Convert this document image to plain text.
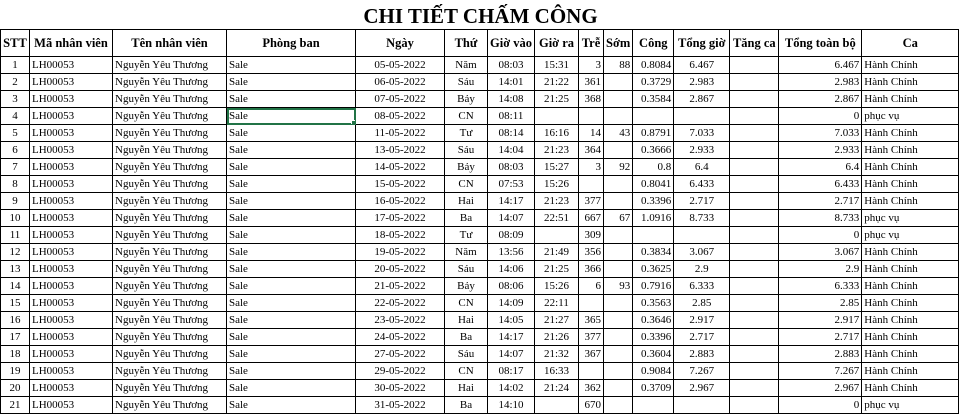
CHI TIẾT CHẤM CÔNG
STT	Mã nhân viên	Tên nhân viên	Phòng ban	Ngày	Thứ	Giờ vào	Giờ ra	Trễ	Sớm	Công	Tổng giờ	Tăng ca	Tổng toàn bộ	Ca
1	LH00053	Nguyễn Yêu Thương	Sale	05-05-2022	Năm	08:03	15:31	3	88	0.8084	6.467		6.467	Hành Chính
2	LH00053	Nguyễn Yêu Thương	Sale	06-05-2022	Sáu	14:01	21:22	361		0.3729	2.983		2.983	Hành Chính
3	LH00053	Nguyễn Yêu Thương	Sale	07-05-2022	Bảy	14:08	21:25	368		0.3584	2.867		2.867	Hành Chính
4	LH00053	Nguyễn Yêu Thương	Sale	08-05-2022	CN	08:11							0	phục vụ
5	LH00053	Nguyễn Yêu Thương	Sale	11-05-2022	Tư	08:14	16:16	14	43	0.8791	7.033		7.033	Hành Chính
6	LH00053	Nguyễn Yêu Thương	Sale	13-05-2022	Sáu	14:04	21:23	364		0.3666	2.933		2.933	Hành Chính
7	LH00053	Nguyễn Yêu Thương	Sale	14-05-2022	Bảy	08:03	15:27	3	92	0.8	6.4		6.4	Hành Chính
8	LH00053	Nguyễn Yêu Thương	Sale	15-05-2022	CN	07:53	15:26			0.8041	6.433		6.433	Hành Chính
9	LH00053	Nguyễn Yêu Thương	Sale	16-05-2022	Hai	14:17	21:23	377		0.3396	2.717		2.717	Hành Chính
10	LH00053	Nguyễn Yêu Thương	Sale	17-05-2022	Ba	14:07	22:51	667	67	1.0916	8.733		8.733	phục vụ
11	LH00053	Nguyễn Yêu Thương	Sale	18-05-2022	Tư	08:09		309					0	phục vụ
12	LH00053	Nguyễn Yêu Thương	Sale	19-05-2022	Năm	13:56	21:49	356		0.3834	3.067		3.067	Hành Chính
13	LH00053	Nguyễn Yêu Thương	Sale	20-05-2022	Sáu	14:06	21:25	366		0.3625	2.9		2.9	Hành Chính
14	LH00053	Nguyễn Yêu Thương	Sale	21-05-2022	Bảy	08:06	15:26	6	93	0.7916	6.333		6.333	Hành Chính
15	LH00053	Nguyễn Yêu Thương	Sale	22-05-2022	CN	14:09	22:11			0.3563	2.85		2.85	Hành Chính
16	LH00053	Nguyễn Yêu Thương	Sale	23-05-2022	Hai	14:05	21:27	365		0.3646	2.917		2.917	Hành Chính
17	LH00053	Nguyễn Yêu Thương	Sale	24-05-2022	Ba	14:17	21:26	377		0.3396	2.717		2.717	Hành Chính
18	LH00053	Nguyễn Yêu Thương	Sale	27-05-2022	Sáu	14:07	21:32	367		0.3604	2.883		2.883	Hành Chính
19	LH00053	Nguyễn Yêu Thương	Sale	29-05-2022	CN	08:17	16:33			0.9084	7.267		7.267	Hành Chính
20	LH00053	Nguyễn Yêu Thương	Sale	30-05-2022	Hai	14:02	21:24	362		0.3709	2.967		2.967	Hành Chính
21	LH00053	Nguyễn Yêu Thương	Sale	31-05-2022	Ba	14:10		670					0	phục vụ
